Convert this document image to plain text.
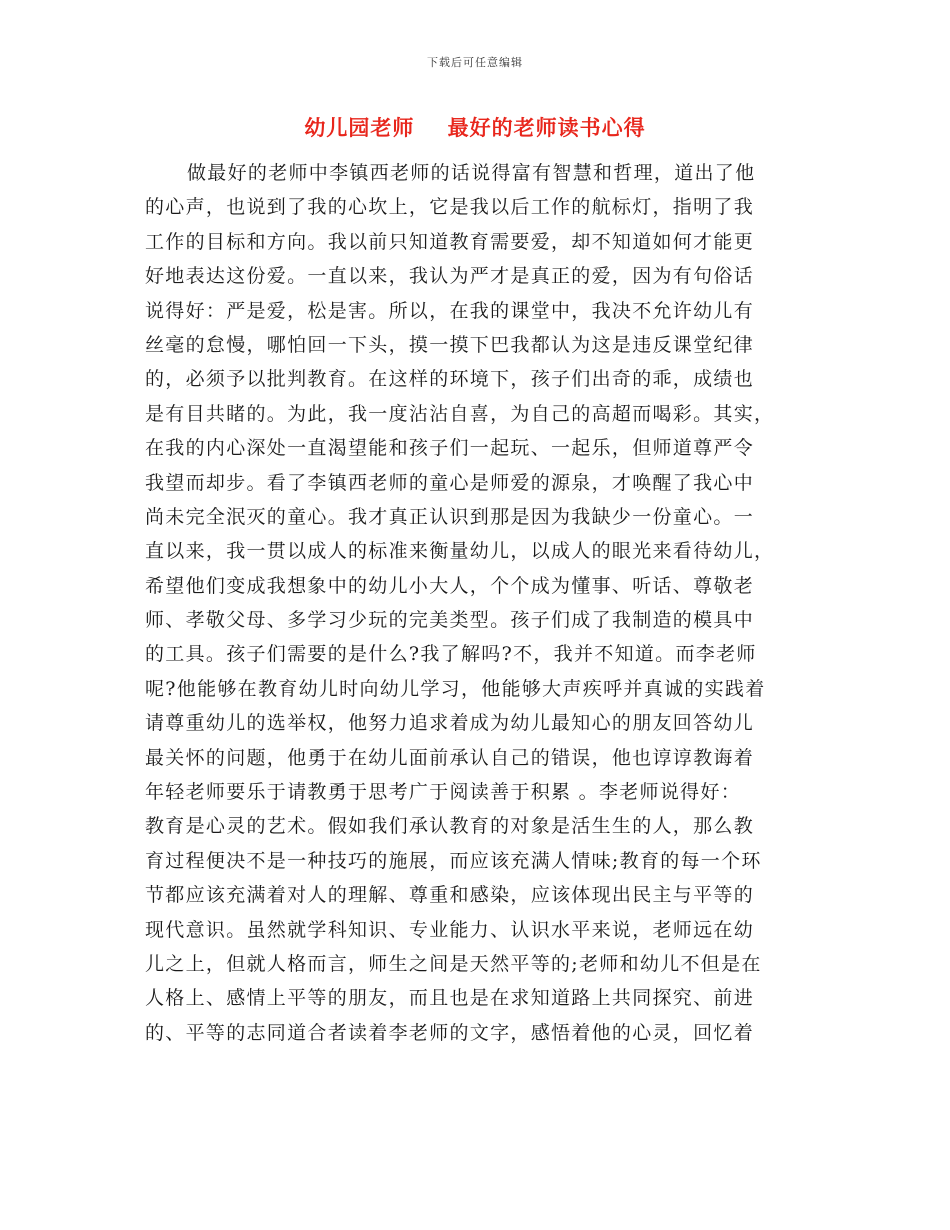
下载后可任意编辑
幼儿园老师    最好的老师读书心得
做最好的老师中李镇西老师的话说得富有智慧和哲理，道出了他
的心声，也说到了我的心坎上，它是我以后工作的航标灯，指明了我
工作的目标和方向。我以前只知道教育需要爱，却不知道如何才能更
好地表达这份爱。一直以来，我认为严才是真正的爱，因为有句俗话
说得好：严是爱，松是害。所以，在我的课堂中，我决不允许幼儿有
丝毫的怠慢，哪怕回一下头，摸一摸下巴我都认为这是违反课堂纪律
的，必须予以批判教育。在这样的环境下，孩子们出奇的乖，成绩也
是有目共睹的。为此，我一度沾沾自喜，为自己的高超而喝彩。其实，
在我的内心深处一直渴望能和孩子们一起玩、一起乐，但师道尊严令
我望而却步。看了李镇西老师的童心是师爱的源泉，才唤醒了我心中
尚未完全泯灭的童心。我才真正认识到那是因为我缺少一份童心。一
直以来，我一贯以成人的标准来衡量幼儿，以成人的眼光来看待幼儿，
希望他们变成我想象中的幼儿小大人，个个成为懂事、听话、尊敬老
师、孝敬父母、多学习少玩的完美类型。孩子们成了我制造的模具中
的工具。孩子们需要的是什么?我了解吗?不，我并不知道。而李老师
呢?他能够在教育幼儿时向幼儿学习，他能够大声疾呼并真诚的实践着
请尊重幼儿的选举权，他努力追求着成为幼儿最知心的朋友回答幼儿
最关怀的问题，他勇于在幼儿面前承认自己的错误，他也谆谆教诲着
年轻老师要乐于请教勇于思考广于阅读善于积累 。李老师说得好：
教育是心灵的艺术。假如我们承认教育的对象是活生生的人，那么教
育过程便决不是一种技巧的施展，而应该充满人情味;教育的每一个环
节都应该充满着对人的理解、尊重和感染，应该体现出民主与平等的
现代意识。虽然就学科知识、专业能力、认识水平来说，老师远在幼
儿之上，但就人格而言，师生之间是天然平等的;老师和幼儿不但是在
人格上、感情上平等的朋友，而且也是在求知道路上共同探究、前进
的、平等的志同道合者读着李老师的文字，感悟着他的心灵，回忆着
